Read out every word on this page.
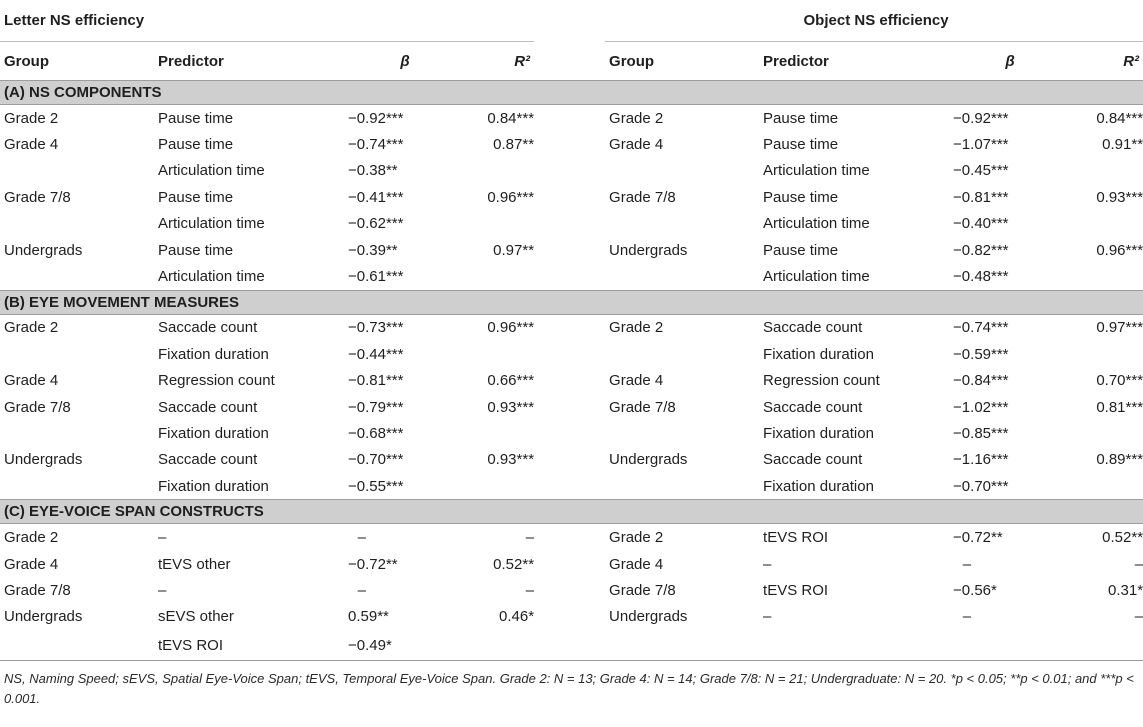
Letter NS efficiency					Object NS efficiency			
Group	Predictor	β	R²		Group	Predictor	β	R²
(A) NS COMPONENTS								
Grade 2	Pause time	−0.92***	0.84***		Grade 2	Pause time	−0.92***	0.84***
Grade 4	Pause time	−0.74***	0.87**		Grade 4	Pause time	−1.07***	0.91**
	Articulation time	−0.38**				Articulation time	−0.45***	
Grade 7/8	Pause time	−0.41***	0.96***		Grade 7/8	Pause time	−0.81***	0.93***
	Articulation time	−0.62***				Articulation time	−0.40***	
Undergrads	Pause time	−0.39**	0.97**		Undergrads	Pause time	−0.82***	0.96***
	Articulation time	−0.61***				Articulation time	−0.48***	
(B) EYE MOVEMENT MEASURES								
Grade 2	Saccade count	−0.73***	0.96***		Grade 2	Saccade count	−0.74***	0.97***
	Fixation duration	−0.44***				Fixation duration	−0.59***	
Grade 4	Regression count	−0.81***	0.66***		Grade 4	Regression count	−0.84***	0.70***
Grade 7/8	Saccade count	−0.79***	0.93***		Grade 7/8	Saccade count	−1.02***	0.81***
	Fixation duration	−0.68***				Fixation duration	−0.85***	
Undergrads	Saccade count	−0.70***	0.93***		Undergrads	Saccade count	−1.16***	0.89***
	Fixation duration	−0.55***				Fixation duration	−0.70***	
(C) EYE-VOICE SPAN CONSTRUCTS								
Grade 2	–	–	–		Grade 2	tEVS ROI	−0.72**	0.52**
Grade 4	tEVS other	−0.72**	0.52**		Grade 4	–	–	–
Grade 7/8	–	–	–		Grade 7/8	tEVS ROI	−0.56*	0.31*
Undergrads	sEVS other	0.59**	0.46*		Undergrads	–	–	–
	tEVS ROI	−0.49*						
NS, Naming Speed; sEVS, Spatial Eye-Voice Span; tEVS, Temporal Eye-Voice Span. Grade 2: N = 13; Grade 4: N = 14; Grade 7/8: N = 21; Undergraduate: N = 20. *p < 0.05; **p < 0.01; and ***p < 0.001.
